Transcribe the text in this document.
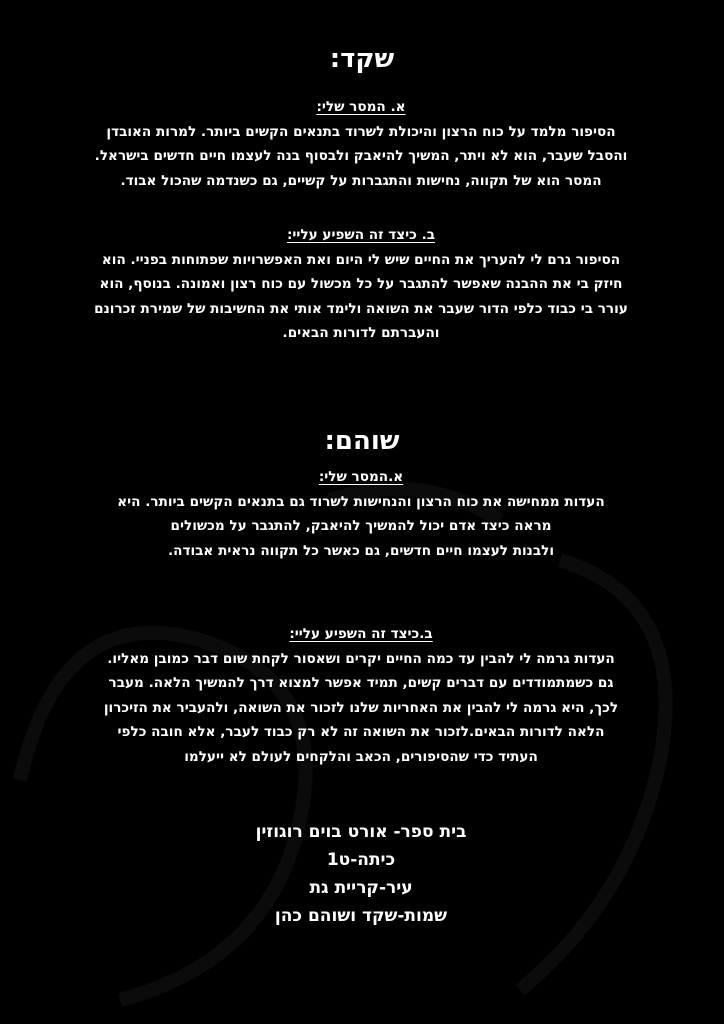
שקד:
א. המסר שלי:
הסיפור מלמד על כוח הרצון והיכולת לשרוד בתנאים הקשים ביותר. למרות האובדן
והסבל שעבר, הוא לא ויתר, המשיך להיאבק ולבסוף בנה לעצמו חיים חדשים בישראל.
המסר הוא של תקווה, נחישות והתגברות על קשיים, גם כשנדמה שהכול אבוד.
ב. כיצד זה השפיע עליי:
הסיפור גרם לי להעריך את החיים שיש לי היום ואת האפשרויות שפתוחות בפניי. הוא
חיזק בי את ההבנה שאפשר להתגבר על כל מכשול עם כוח רצון ואמונה. בנוסף, הוא
עורר בי כבוד כלפי הדור שעבר את השואה ולימד אותי את החשיבות של שמירת זכרונם
והעברתם לדורות הבאים.
שוהם:
א.המסר שלי:
העדות ממחישה את כוח הרצון והנחישות לשרוד גם בתנאים הקשים ביותר. היא
מראה כיצד אדם יכול להמשיך להיאבק, להתגבר על מכשולים
ולבנות לעצמו חיים חדשים, גם כאשר כל תקווה נראית אבודה.
ב.כיצד זה השפיע עליי:
העדות גרמה לי להבין עד כמה החיים יקרים ושאסור לקחת שום דבר כמובן מאליו.
גם כשמתמודדים עם דברים קשים, תמיד אפשר למצוא דרך להמשיך הלאה. מעבר
לכך, היא גרמה לי להבין את האחריות שלנו לזכור את השואה, ולהעביר את הזיכרון
הלאה לדורות הבאים.לזכור את השואה זה לא רק כבוד לעבר, אלא חובה כלפי
העתיד כדי שהסיפורים, הכאב והלקחים לעולם לא ייעלמו
בית ספר- אורט בוים רוגוזין
כיתה-ט1
עיר-קריית גת
שמות-שקד ושוהם כהן
